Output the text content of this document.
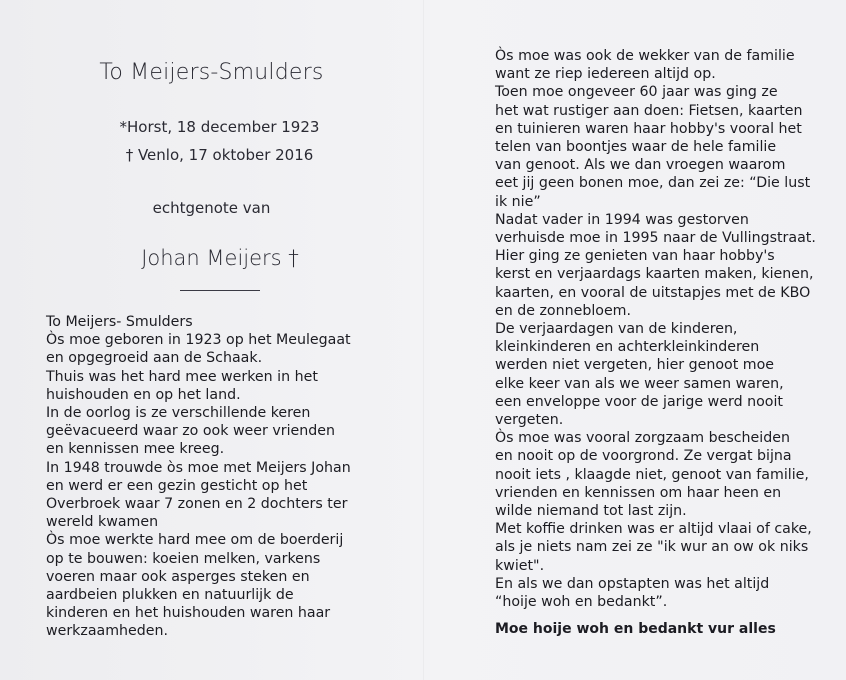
To Meijers-Smulders
*Horst, 18 december 1923
† Venlo, 17 oktober 2016
echtgenote van
Johan Meijers †
To Meijers- Smulders
Òs moe geboren in 1923 op het Meulegaat
en opgegroeid aan de Schaak.
Thuis was het hard mee werken in het
huishouden en op het land.
In de oorlog is ze verschillende keren
geëvacueerd waar zo ook weer vrienden
en kennissen mee kreeg.
In 1948 trouwde òs moe met Meijers Johan
en werd er een gezin gesticht op het
Overbroek waar 7 zonen en 2 dochters ter
wereld kwamen
Òs moe werkte hard mee om de boerderij
op te bouwen: koeien melken, varkens
voeren maar ook asperges steken en
aardbeien plukken en natuurlijk de
kinderen en het huishouden waren haar
werkzaamheden.
Òs moe was ook de wekker van de familie
want ze riep iedereen altijd op.
Toen moe ongeveer 60 jaar was ging ze
het wat rustiger aan doen: Fietsen, kaarten
en tuinieren waren haar hobby's vooral het
telen van boontjes waar de hele familie
van genoot. Als we dan vroegen waarom
eet jij geen bonen moe, dan zei ze: “Die lust
ik nie”
Nadat vader in 1994 was gestorven
verhuisde moe in 1995 naar de Vullingstraat.
Hier ging ze genieten van haar hobby's
kerst en verjaardags kaarten maken, kienen,
kaarten, en vooral de uitstapjes met de KBO
en de zonnebloem.
De verjaardagen van de kinderen,
kleinkinderen en achterkleinkinderen
werden niet vergeten, hier genoot moe
elke keer van als we weer samen waren,
een enveloppe voor de jarige werd nooit
vergeten.
Òs moe was vooral zorgzaam bescheiden
en nooit op de voorgrond. Ze vergat bijna
nooit iets , klaagde niet, genoot van familie,
vrienden en kennissen om haar heen en
wilde niemand tot last zijn.
Met koffie drinken was er altijd vlaai of cake,
als je niets nam zei ze "ik wur an ow ok niks
kwiet".
En als we dan opstapten was het altijd
“hoije woh en bedankt”.
Moe hoije woh en bedankt vur alles
